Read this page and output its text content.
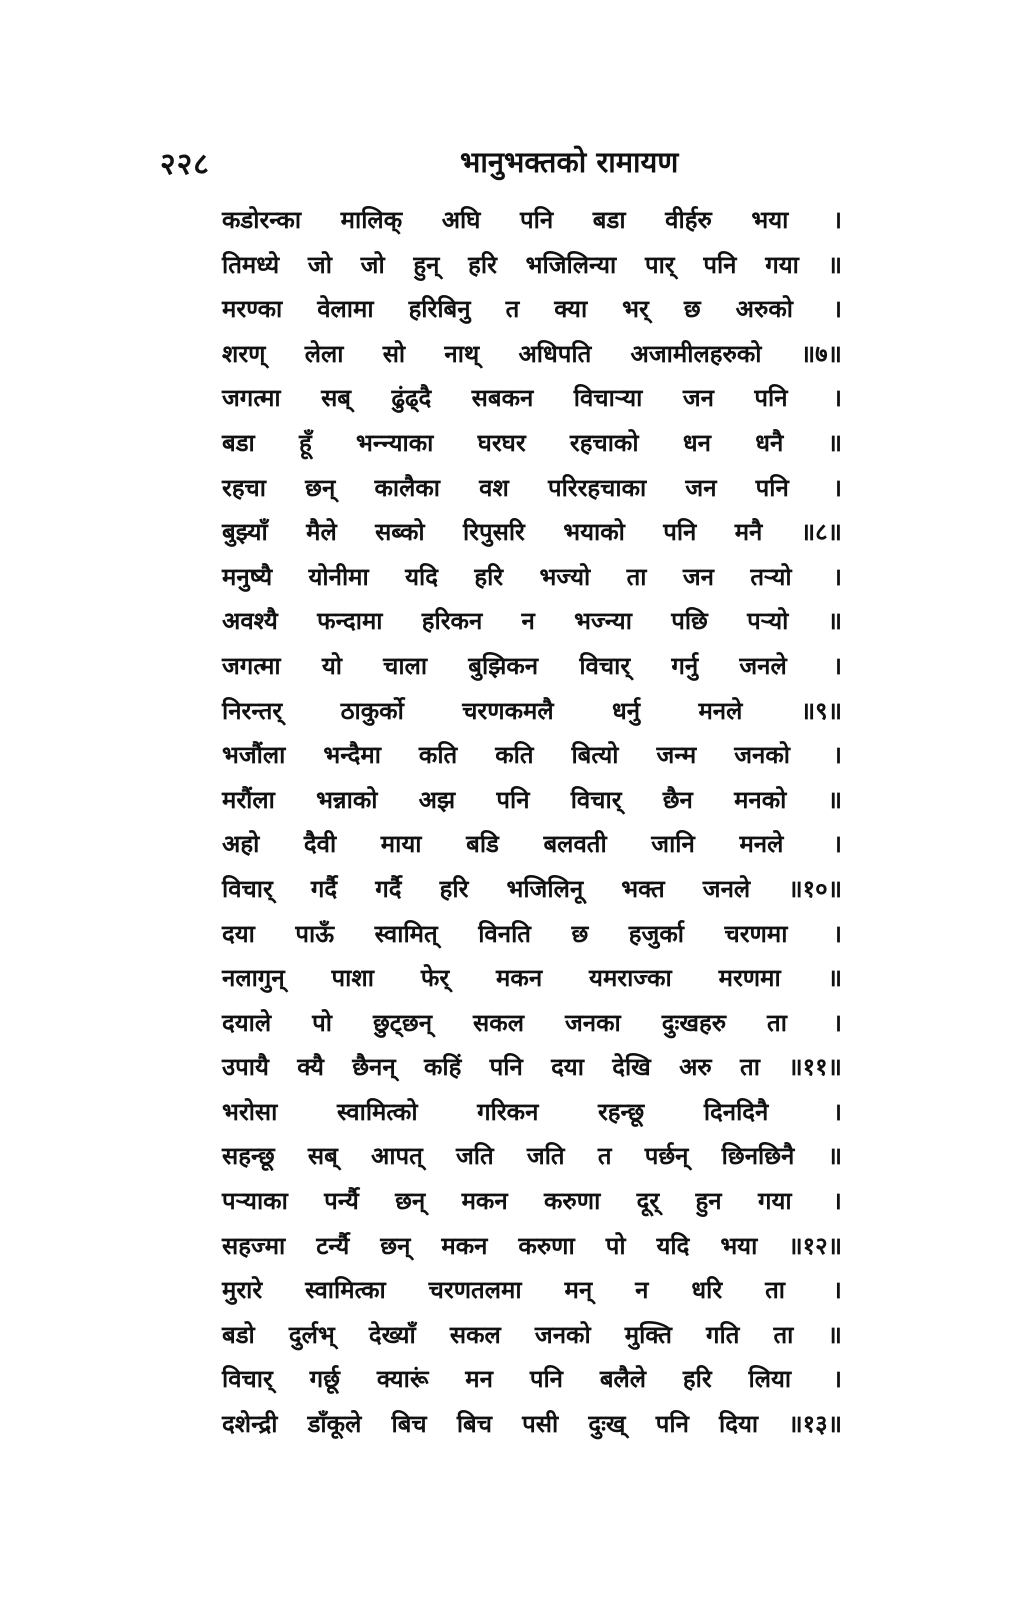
२२८	भानुभक्तको रामायण
कडोरन्का मालिक् अघि पनि बडा वीर्हरु भया ।
तिमध्ये जो जो हुन् हरि भजिलिन्या पार् पनि गया ॥
मरण्का वेलामा हरिबिनु त क्या भर् छ अरुको ।
शरण् लेला सो नाथ् अधिपति अजामीलहरुको ॥७॥
जगत्मा सब् ढुंढ्दै सबकन विचाऱ्या जन पनि ।
बडा हूँ भन्न्याका घरघर रहचाको धन धनै ॥
रहचा छन् कालैका वश परिरहचाका जन पनि ।
बुझ्याँ मैले सब्को रिपुसरि भयाको पनि मनै ॥८॥
मनुष्यै योनीमा यदि हरि भज्यो ता जन तऱ्यो ।
अवश्यै फन्दामा हरिकन न भज्न्या पछि पऱ्यो ॥
जगत्मा यो चाला बुझिकन विचार् गर्नु जनले ।
निरन्तर् ठाकुर्को चरणकमलै धर्नु मनले ॥९॥
भजौंला भन्दैमा कति कति बित्यो जन्म जनको ।
मरौंला भन्नाको अझ पनि विचार् छैन मनको ॥
अहो दैवी माया बडि बलवती जानि मनले ।
विचार् गर्दै गर्दै हरि भजिलिनू भक्त जनले ॥१०॥
दया पाऊँ स्वामित् विनति छ हजुर्का चरणमा ।
नलागुन् पाशा फेर् मकन यमराज्का मरणमा ॥
दयाले पो छुट्छन् सकल जनका दुःखहरु ता ।
उपायै क्यै छैनन् कहिं पनि दया देखि अरु ता ॥११॥
भरोसा स्वामित्को गरिकन रहन्छू दिनदिनै	।
सहन्छू सब् आपत् जति जति त पर्छन् छिनछिनै ॥
पऱ्याका पर्न्यै छन् मकन करुणा दूर् हुन गया ।
सहज्मा टर्न्यै छन् मकन करुणा पो यदि भया ॥१२॥
मुरारे स्वामित्का चरणतलमा मन् न धरि ता ।
बडो दुर्लभ् देख्याँ सकल जनको मुक्ति गति ता ॥
विचार् गर्छू क्यारूं मन पनि बलैले हरि लिया ।
दशेन्द्री डाँकूले बिच बिच पसी दुःख् पनि दिया ॥१३॥
